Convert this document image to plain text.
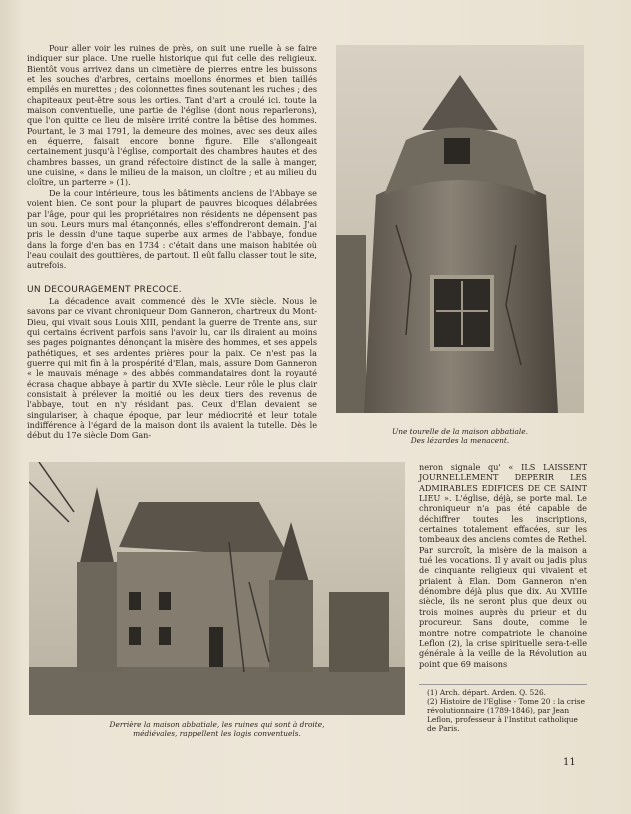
Pour aller voir les ruines de près, on suit une ruelle à se faire indiquer sur place. Une ruelle historique qui fut celle des religieux. Bientôt vous arrivez dans un cimetière de pierres entre les buissons et les souches d'arbres, certains moellons énormes et bien taillés empilés en murettes ; des colonnettes fines soutenant les ruches ; des chapiteaux peut-être sous les orties. Tant d'art a croulé ici. toute la maison conventuelle, une partie de l'église (dont nous reparlerons), que l'on quitte ce lieu de misère irrité contre la bêtise des hommes. Pourtant, le 3 mai 1791, la demeure des moines, avec ses deux ailes en équerre, faisait encore bonne figure. Elle s'allongeait certainement jusqu'à l'église, comportait des chambres hautes et des chambres basses, un grand réfectoire distinct de la salle à manger, une cuisine, « dans le milieu de la maison, un cloître ; et au milieu du cloître, un parterre » (1).

De la cour intérieure, tous les bâtiments anciens de l'Abbaye se voient bien. Ce sont pour la plupart de pauvres bicoques délabrées par l'âge, pour qui les propriétaires non résidents ne dépensent pas un sou. Leurs murs mal étançonnés, elles s'effondreront demain. J'ai pris le dessin d'une taque superbe aux armes de l'abbaye, fondue dans la forge d'en bas en 1734 : c'était dans une maison habitée où l'eau coulait des gouttières, de partout. Il eût fallu classer tout le site, autrefois.

UN DECOURAGEMENT PRECOCE.

La décadence avait commencé dès le XVIe siècle. Nous le savons par ce vivant chroniqueur Dom Ganneron, chartreux du Mont-Dieu, qui vivait sous Louis XIII, pendant la guerre de Trente ans, sur qui certains écrivent parfois sans l'avoir lu, car ils diraient au moins ses pages poignantes dénonçant la misère des hommes, et ses appels pathétiques, et ses ardentes prières pour la paix. Ce n'est pas la guerre qui mit fin à la prospérité d'Elan, mais, assure Dom Ganneron « le mauvais ménage » des abbés commandataires dont la royauté écrasa chaque abbaye à partir du XVIe siècle. Leur rôle le plus clair consistait à prélever la moitié ou les deux tiers des revenus de l'abbaye, tout en n'y résidant pas. Ceux d'Elan devaient se singulariser, à chaque époque, par leur médiocrité et leur totale indifférence à l'égard de la maison dont ils avaient la tutelle. Dès le début du 17e siècle Dom Gan-	Une tourelle de la maison abbatiale.
Des lézardes la menacent.
Derrière la maison abbatiale, les ruines qui sont à droite,
médiévales, rappellent les logis conventuels.

neron signale qu' « ILS LAISSENT JOURNELLEMENT DEPERIR LES ADMIRABLES EDIFICES DE CE SAINT LIEU ». L'église, déjà, se porte mal. Le chroniqueur n'a pas été capable de déchiffrer toutes les inscriptions, certaines totalement effacées, sur les tombeaux des anciens comtes de Rethel. Par surcroît, la misère de la maison a tué les vocations. Il y avait ou jadis plus de cinquante religieux qui vivaient et priaient à Elan. Dom Ganneron n'en dénombre déjà plus que dix. Au XVIIIe siècle, ils ne seront plus que deux ou trois moines auprès du prieur et du procureur. Sans doute, comme le montre notre compatriote le chanoine Leflon (2), la crise spirituelle sera-t-elle générale à la veille de la Révolution au point que 69 maisons

(1) Arch. départ. Arden. Q. 526.
(2) Histoire de l'Eglise - Tome 20 : la crise révolutionnaire (1789-1846), par Jean Leflon, professeur à l'Institut catholique de Paris.
11
